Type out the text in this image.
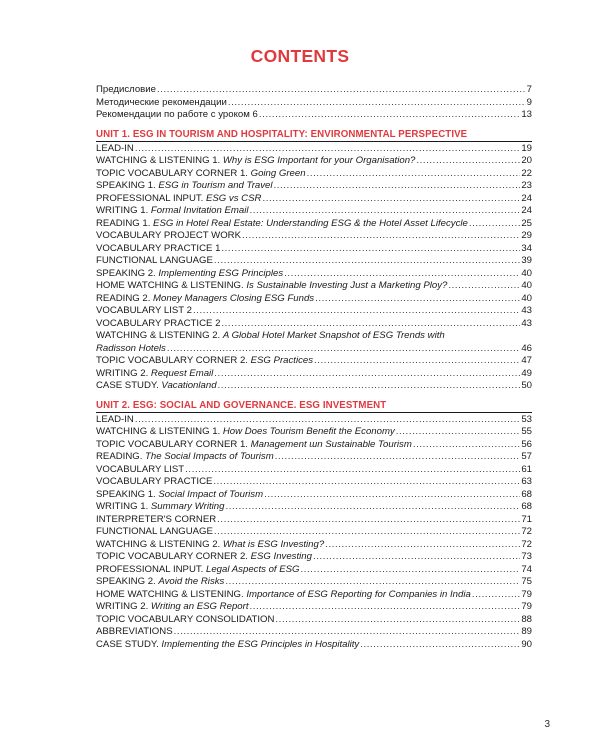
CONTENTS
Предисловие .....	7
Методические рекомендации .....	9
Рекомендации по работе с уроком 6 .....	13
UNIT 1. ESG IN TOURISM AND HOSPITALITY: ENVIRONMENTAL PERSPECTIVE
LEAD-IN .....	19
WATCHING & LISTENING 1. Why is ESG Important for your Organisation? .....	20
TOPIC VOCABULARY CORNER 1. Going Green .....	22
SPEAKING 1. ESG in Tourism and Travel .....	23
PROFESSIONAL INPUT. ESG vs CSR .....	24
WRITING 1. Formal Invitation Email .....	24
READING 1. ESG in Hotel Real Estate: Understanding ESG & the Hotel Asset Lifecycle .....	25
VOCABULARY PROJECT WORK .....	29
VOCABULARY PRACTICE 1 .....	34
FUNCTIONAL LANGUAGE .....	39
SPEAKING 2. Implementing ESG Principles .....	40
HOME WATCHING & LISTENING. Is Sustainable Investing Just a Marketing Ploy? .....	40
READING 2. Money Managers Closing ESG Funds .....	40
VOCABULARY LIST 2 .....	43
VOCABULARY PRACTICE 2 .....	43
WATCHING & LISTENING 2. A Global Hotel Market Snapshot of ESG Trends with
Radisson Hotels .....	46
TOPIC VOCABULARY CORNER 2. ESG Practices .....	47
WRITING 2. Request Email .....	49
CASE STUDY. Vacationland .....	50
UNIT 2. ESG: SOCIAL AND GOVERNANCE. ESG INVESTMENT
LEAD-IN .....	53
WATCHING & LISTENING 1. How Does Tourism Benefit the Economy .....	55
TOPIC VOCABULARY CORNER 1. Management шn Sustainable Tourism .....	56
READING. The Social Impacts of Tourism .....	57
VOCABULARY LIST .....	61
VOCABULARY PRACTICE .....	63
SPEAKING 1. Social Impact of Tourism .....	68
WRITING 1. Summary Writing .....	68
INTERPRETER'S CORNER .....	71
FUNCTIONAL LANGUAGE .....	72
WATCHING & LISTENING 2. What is ESG Investing? .....	72
TOPIC VOCABULARY CORNER 2. ESG Investing .....	73
PROFESSIONAL INPUT. Legal Aspects of ESG .....	74
SPEAKING 2. Avoid the Risks .....	75
HOME WATCHING & LISTENING. Importance of ESG Reporting for Companies in India .....	79
WRITING 2. Writing an ESG Report .....	79
TOPIC VOCABULARY CONSOLIDATION .....	88
ABBREVIATIONS .....	89
CASE STUDY. Implementing the ESG Principles in Hospitality .....	90
3
